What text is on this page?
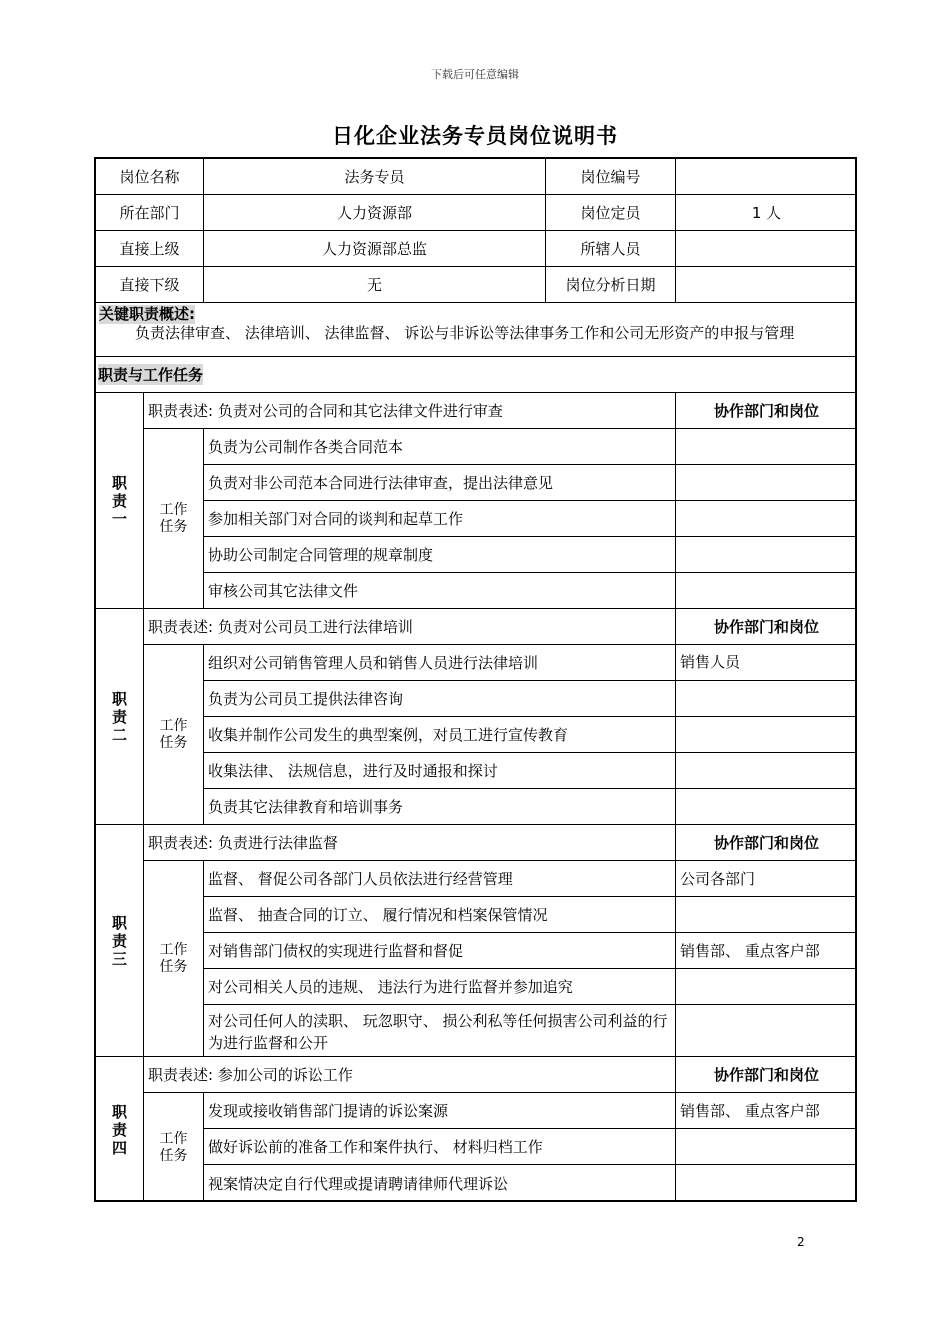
下载后可任意编辑
日化企业法务专员岗位说明书
岗位名称	法务专员	岗位编号
所在部门	人力资源部	岗位定员	1 人
直接上级	人力资源部总监	所辖人员
直接下级	无	岗位分析日期
关键职责概述:
负责法律审查、 法律培训、 法律监督、 诉讼与非诉讼等法律事务工作和公司无形资产的申报与管理
职责与工作任务
职责一
职责表述: 负责对公司的合同和其它法律文件进行审查	协作部门和岗位
工作任务
负责为公司制作各类合同范本
负责对非公司范本合同进行法律审查，提出法律意见
参加相关部门对合同的谈判和起草工作
协助公司制定合同管理的规章制度
审核公司其它法律文件
职责二
职责表述: 负责对公司员工进行法律培训	协作部门和岗位
工作任务
组织对公司销售管理人员和销售人员进行法律培训	销售人员
负责为公司员工提供法律咨询
收集并制作公司发生的典型案例，对员工进行宣传教育
收集法律、 法规信息，进行及时通报和探讨
负责其它法律教育和培训事务
职责三
职责表述: 负责进行法律监督	协作部门和岗位
工作任务
监督、 督促公司各部门人员依法进行经营管理	公司各部门
监督、 抽查合同的订立、 履行情况和档案保管情况
对销售部门债权的实现进行监督和督促	销售部、 重点客户部
对公司相关人员的违规、 违法行为进行监督并参加追究
对公司任何人的渎职、 玩忽职守、 损公利私等任何损害公司利益的行为进行监督和公开
职责四
职责表述: 参加公司的诉讼工作	协作部门和岗位
工作任务
发现或接收销售部门提请的诉讼案源	销售部、 重点客户部
做好诉讼前的准备工作和案件执行、 材料归档工作
视案情决定自行代理或提请聘请律师代理诉讼
2
